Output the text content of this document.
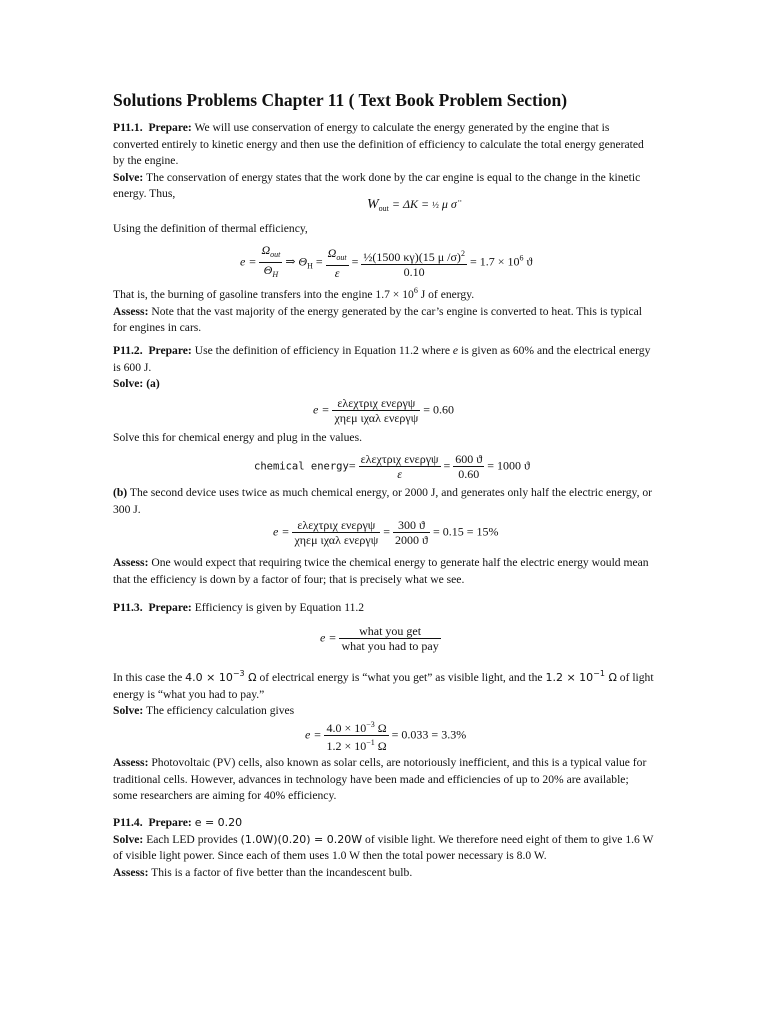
Solutions Problems Chapter 11 ( Text Book Problem Section)

P11.1. Prepare: We will use conservation of energy to calculate the energy generated by the engine that is converted entirely to kinetic energy and then use the definition of efficiency to calculate the total energy generated by the engine.
Solve: The conservation of energy states that the work done by the car engine is equal to the change in the kinetic energy. Thus,

$W_{out} = \Delta K$ = ½ μ σ̈

Using the definition of thermal efficiency,

$e = \frac{\Omega_{out}}{\Theta_H}$ ⇒ $\Theta_H = \frac{\Omega_{out}}{\varepsilon} = \frac{\frac{1}{2}(1500 \kappa\gamma)(15 \mu /\sigma)^2}{0.10} = 1.7 \times 10^6$ ϑ

That is, the burning of gasoline transfers into the engine $1.7 \times 10^6$ J of energy.
Assess: Note that the vast majority of the energy generated by the car’s engine is converted to heat. This is typical for engines in cars.

P11.2. Prepare: Use the definition of efficiency in Equation 11.2 where e is given as 60% and the electrical energy is 600 J.
Solve: (a)

$e = \frac{\text{ελεχτριχ ενεργψ}}{\text{χηεμ ιχαλ ενεργψ}} = 0.60$

Solve this for chemical energy and plug in the values.

chemical energy= $\frac{\text{ελεχτριχ ενεργψ}}{\varepsilon} = \frac{600 ϑ}{0.60} = 1000$ ϑ

(b) The second device uses twice as much chemical energy, or 2000 J, and generates only half the electric energy, or 300 J.

$e = \frac{\text{ελεχτριχ ενεργψ}}{\text{χηεμ ιχαλ ενεργψ}} = \frac{300 ϑ}{2000 ϑ} = 0.15 = 15\%$

Assess: One would expect that requiring twice the chemical energy to generate half the electric energy would mean that the efficiency is down by a factor of four; that is precisely what we see.

P11.3. Prepare: Efficiency is given by Equation 11.2

$e = \frac{\text{what you get}}{\text{what you had to pay}}$

In this case the $4.0 \times 10^{-3}$ Ω of electrical energy is “what you get” as visible light, and the $1.2 \times 10^{-1}$ Ω of light energy is “what you had to pay.”
Solve: The efficiency calculation gives

$e = \frac{4.0 \times 10^{-3} \Omega}{1.2 \times 10^{-1} \Omega} = 0.033 = 3.3\%$

Assess: Photovoltaic (PV) cells, also known as solar cells, are notoriously inefficient, and this is a typical value for traditional cells. However, advances in technology have been made and efficiencies of up to 20% are available; some researchers are aiming for 40% efficiency.

P11.4. Prepare: e = 0.20
Solve: Each LED provides (1.0W)(0.20) = 0.20W of visible light. We therefore need eight of them to give 1.6 W of visible light power. Since each of them uses 1.0 W then the total power necessary is 8.0 W.
Assess: This is a factor of five better than the incandescent bulb.
